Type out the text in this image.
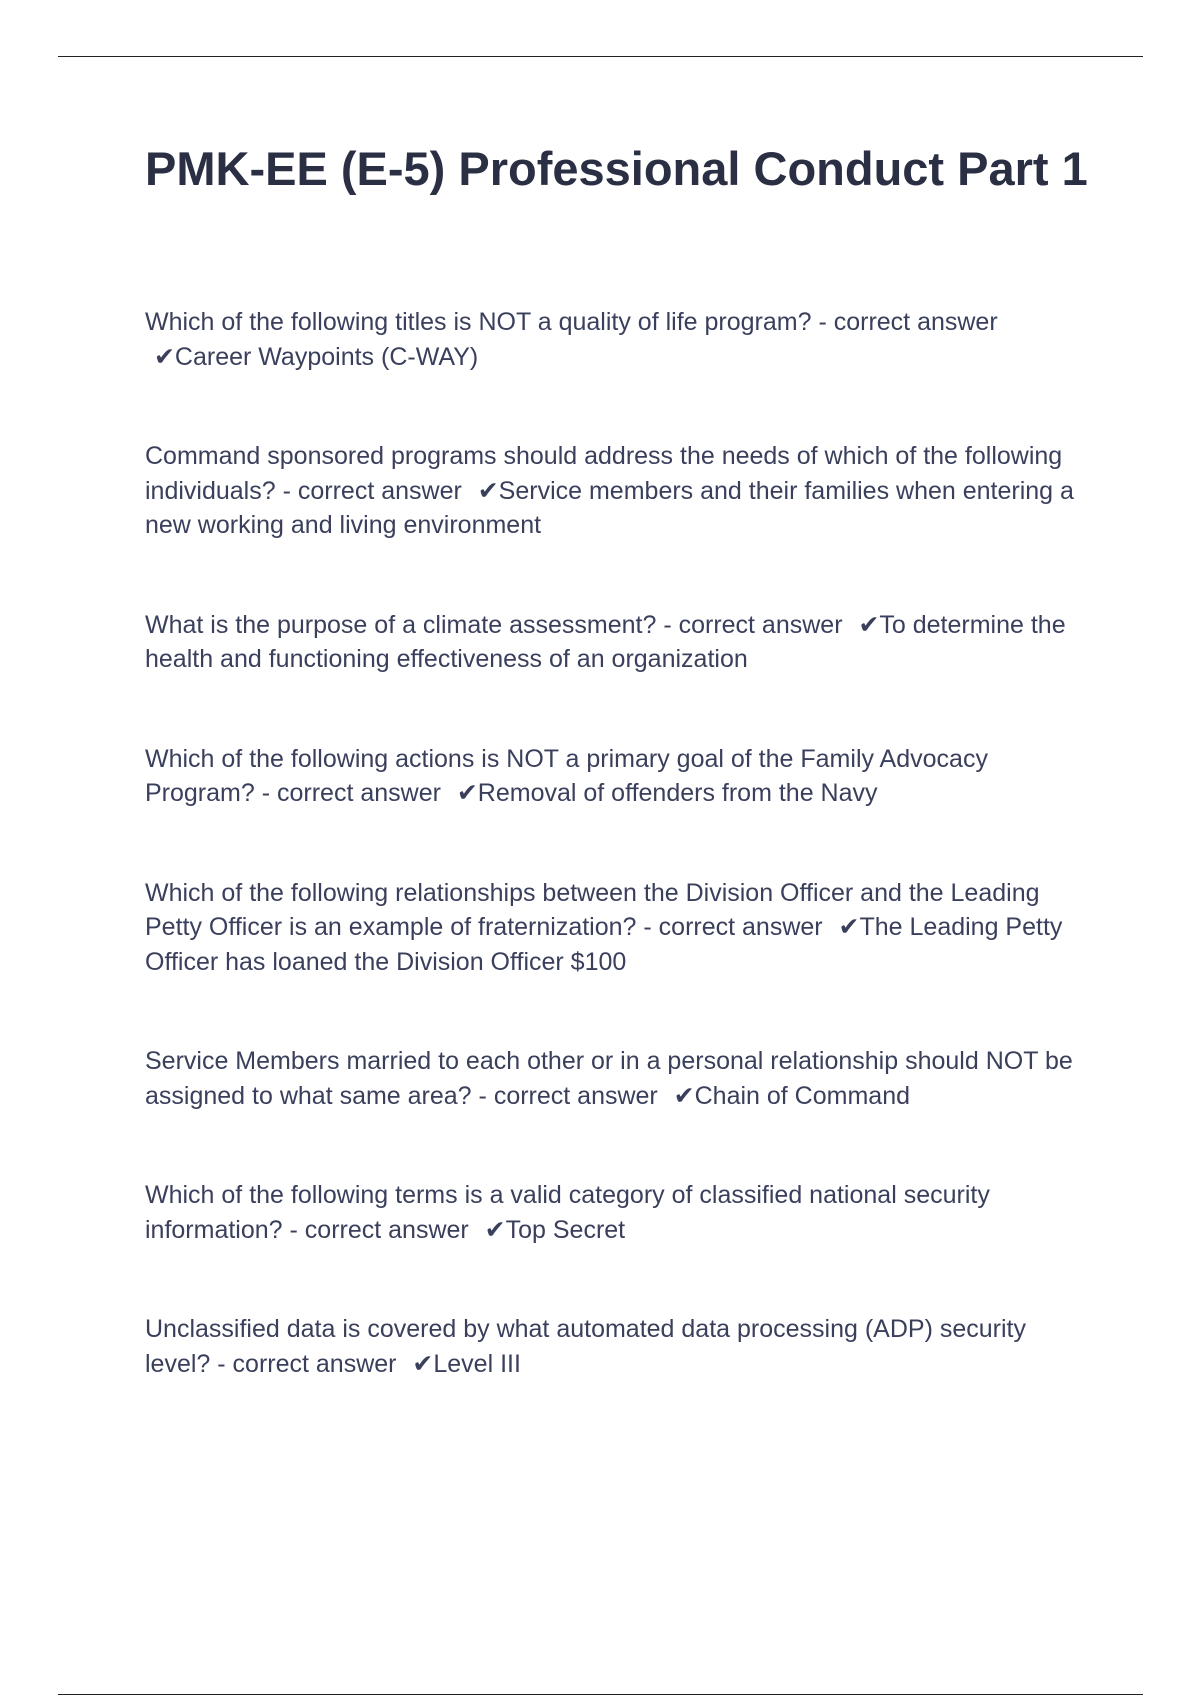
PMK-EE (E-5) Professional Conduct Part 1

Which of the following titles is NOT a quality of life program? - correct answer ✔Career Waypoints (C-WAY)

Command sponsored programs should address the needs of which of the following individuals? - correct answer ✔Service members and their families when entering a new working and living environment

What is the purpose of a climate assessment? - correct answer ✔To determine the health and functioning effectiveness of an organization

Which of the following actions is NOT a primary goal of the Family Advocacy Program? - correct answer ✔Removal of offenders from the Navy

Which of the following relationships between the Division Officer and the Leading Petty Officer is an example of fraternization? - correct answer ✔The Leading Petty Officer has loaned the Division Officer $100

Service Members married to each other or in a personal relationship should NOT be assigned to what same area? - correct answer ✔Chain of Command

Which of the following terms is a valid category of classified national security information? - correct answer ✔Top Secret

Unclassified data is covered by what automated data processing (ADP) security level? - correct answer ✔Level III
